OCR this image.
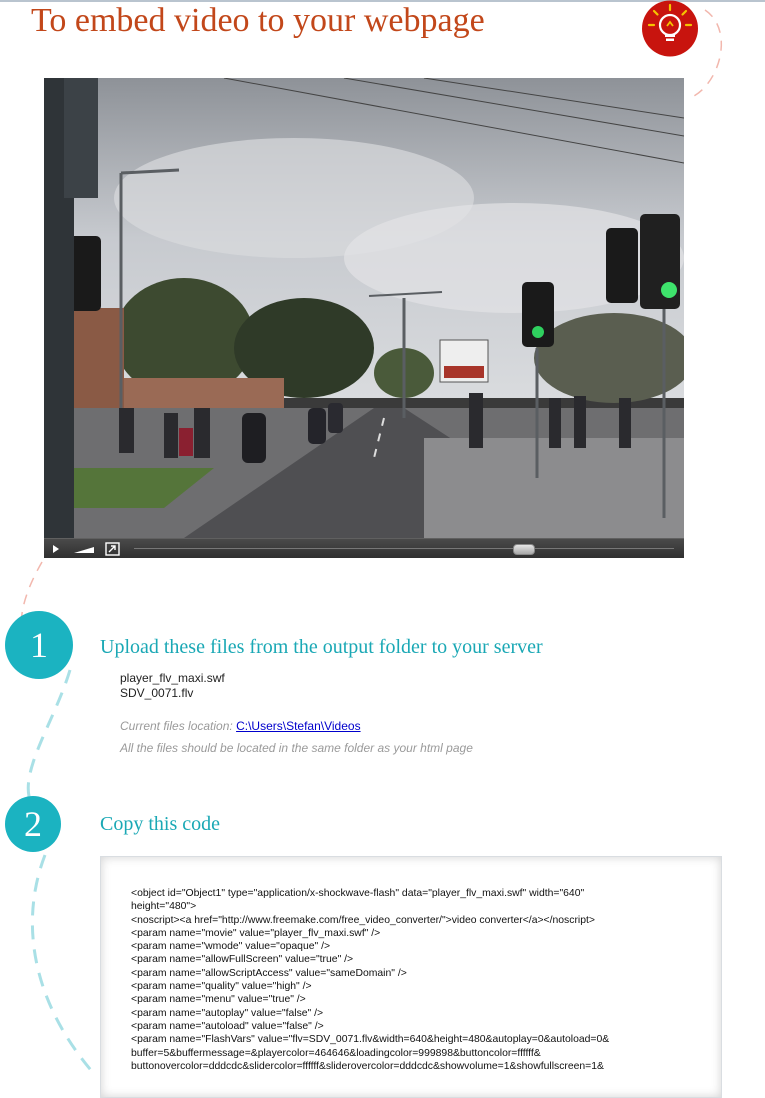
To embed video to your webpage
1	Upload these files from the output folder to your server
player_flv_maxi.swf
SDV_0071.flv
Current files location: C:\Users\Stefan\Videos
All the files should be located in the same folder as your html page
2	Copy this code
<object id="Object1" type="application/x-shockwave-flash" data="player_flv_maxi.swf" width="640"
height="480">
<noscript><a href="http://www.freemake.com/free_video_converter/">video converter</a></noscript>
<param name="movie" value="player_flv_maxi.swf" />
<param name="wmode" value="opaque" />
<param name="allowFullScreen" value="true" />
<param name="allowScriptAccess" value="sameDomain" />
<param name="quality" value="high" />
<param name="menu" value="true" />
<param name="autoplay" value="false" />
<param name="autoload" value="false" />
<param name="FlashVars" value="flv=SDV_0071.flv&width=640&height=480&autoplay=0&autoload=0&
buffer=5&buffermessage=&playercolor=464646&loadingcolor=999898&buttoncolor=ffffff&
buttonovercolor=dddcdc&slidercolor=ffffff&sliderovercolor=dddcdc&showvolume=1&showfullscreen=1&
